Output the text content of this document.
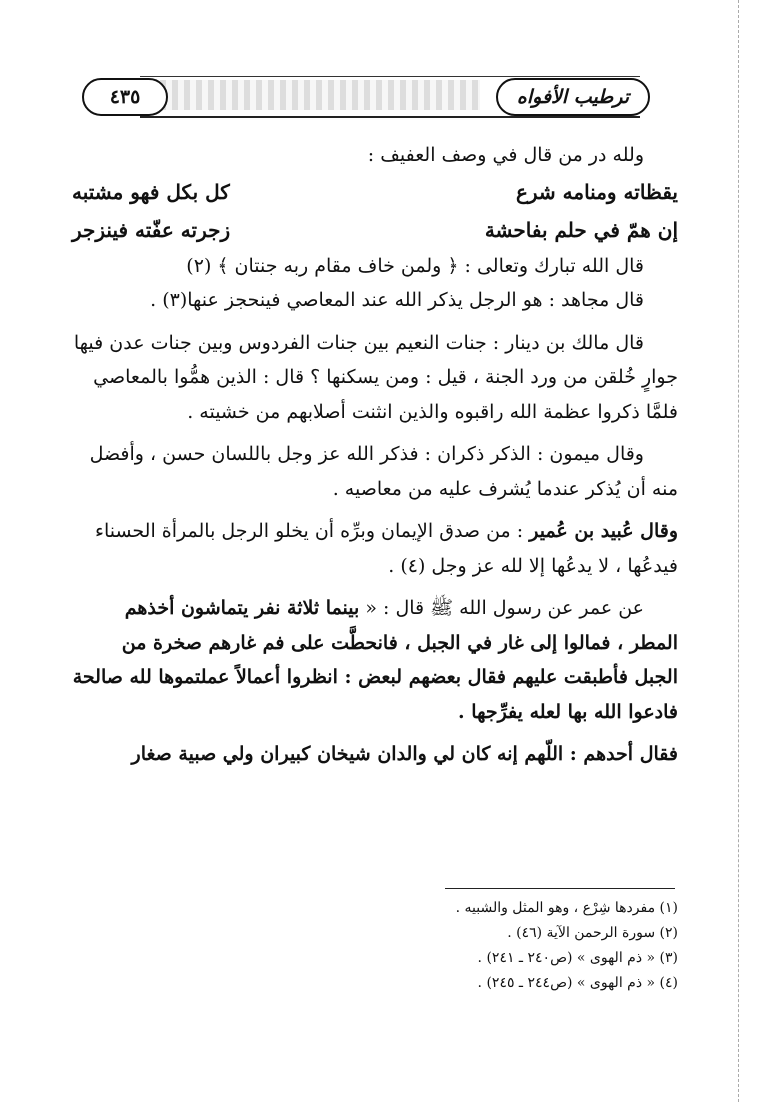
٤٣٥	ترطيب الأفواه

ولله در من قال في وصف العفيف :

يقظاته ومنامه شرع
كل بكل فهو مشتبه
إن همّ في حلم بفاحشة
زجرته عفّته فينزجر

قال الله تبارك وتعالى : ﴿ ولمن خاف مقام ربه جنتان ﴾ (٢)

قال مجاهد : هو الرجل يذكر الله عند المعاصي فينحجز عنها(٣) .

قال مالك بن دينار : جنات النعيم بين جنات الفردوس وبين جنات عدن فيها جوارٍ خُلقن من ورد الجنة ، قيل : ومن يسكنها ؟ قال : الذين همُّوا بالمعاصي فلمَّا ذكروا عظمة الله راقبوه والذين انثنت أصلابهم من خشيته .

وقال ميمون : الذكر ذكران : فذكر الله عز وجل باللسان حسن ، وأفضل منه أن يُذكر عندما يُشرف عليه من معاصيه .

وقال عُبيد بن عُمير : من صدق الإيمان وبرِّه أن يخلو الرجل بالمرأة الحسناء فيدعُها ، لا يدعُها إلا لله عز وجل (٤) .

عن عمر عن رسول الله ﷺ قال : « بينما ثلاثة نفر يتماشون أخذهم المطر ، فمالوا إلى غار في الجبل ، فانحطَّت على فم غارهم صخرة من الجبل فأطبقت عليهم فقال بعضهم لبعض : انظروا أعمالاً عملتموها لله صالحة فادعوا الله بها لعله يفرِّجها .

فقال أحدهم : اللّهم إنه كان لي والدان شيخان كبيران ولي صبية صغار

(١) مفردها شِرْع ، وهو المثل والشبيه .

(٢) سورة الرحمن الآية (٤٦) .

(٣) « ذم الهوى » (ص٢٤٠ ـ ٢٤١) .

(٤) « ذم الهوى » (ص٢٤٤ ـ ٢٤٥) .
